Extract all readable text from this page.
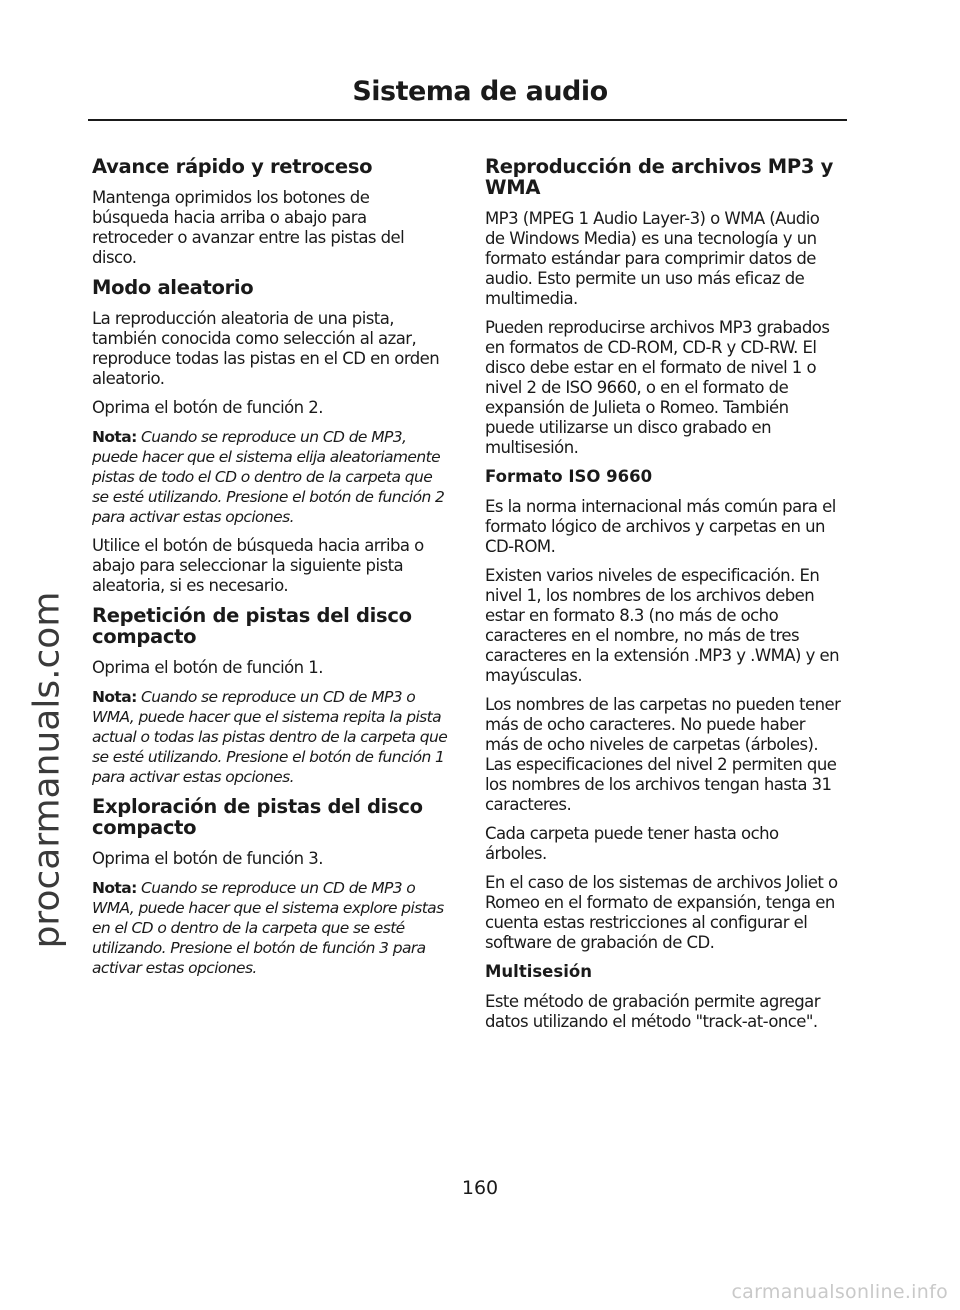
Sistema de audio
procarmanuals.com
Avance rápido y retroceso

Mantenga oprimidos los botones de búsqueda hacia arriba o abajo para retroceder o avanzar entre las pistas del disco.

Modo aleatorio

La reproducción aleatoria de una pista, también conocida como selección al azar, reproduce todas las pistas en el CD en orden aleatorio.

Oprima el botón de función 2.

Nota: Cuando se reproduce un CD de MP3, puede hacer que el sistema elija aleatoriamente pistas de todo el CD o dentro de la carpeta que se esté utilizando. Presione el botón de función 2 para activar estas opciones.

Utilice el botón de búsqueda hacia arriba o abajo para seleccionar la siguiente pista aleatoria, si es necesario.

Repetición de pistas del disco compacto

Oprima el botón de función 1.

Nota: Cuando se reproduce un CD de MP3 o WMA, puede hacer que el sistema repita la pista actual o todas las pistas dentro de la carpeta que se esté utilizando. Presione el botón de función 1 para activar estas opciones.

Exploración de pistas del disco compacto

Oprima el botón de función 3.

Nota: Cuando se reproduce un CD de MP3 o WMA, puede hacer que el sistema explore pistas en el CD o dentro de la carpeta que se esté utilizando. Presione el botón de función 3 para activar estas opciones.

Reproducción de archivos MP3 y WMA

MP3 (MPEG 1 Audio Layer-3) o WMA (Audio de Windows Media) es una tecnología y un formato estándar para comprimir datos de audio. Esto permite un uso más eficaz de multimedia.

Pueden reproducirse archivos MP3 grabados en formatos de CD-ROM, CD-R y CD-RW. El disco debe estar en el formato de nivel 1 o nivel 2 de ISO 9660, o en el formato de expansión de Julieta o Romeo. También puede utilizarse un disco grabado en multisesión.

Formato ISO 9660

Es la norma internacional más común para el formato lógico de archivos y carpetas en un CD-ROM.

Existen varios niveles de especificación. En nivel 1, los nombres de los archivos deben estar en formato 8.3 (no más de ocho caracteres en el nombre, no más de tres caracteres en la extensión .MP3 y .WMA) y en mayúsculas.

Los nombres de las carpetas no pueden tener más de ocho caracteres. No puede haber más de ocho niveles de carpetas (árboles). Las especificaciones del nivel 2 permiten que los nombres de los archivos tengan hasta 31 caracteres.

Cada carpeta puede tener hasta ocho árboles.

En el caso de los sistemas de archivos Joliet o Romeo en el formato de expansión, tenga en cuenta estas restricciones al configurar el software de grabación de CD.

Multisesión

Este método de grabación permite agregar datos utilizando el método "track-at-once".

160
carmanualsonline.info
